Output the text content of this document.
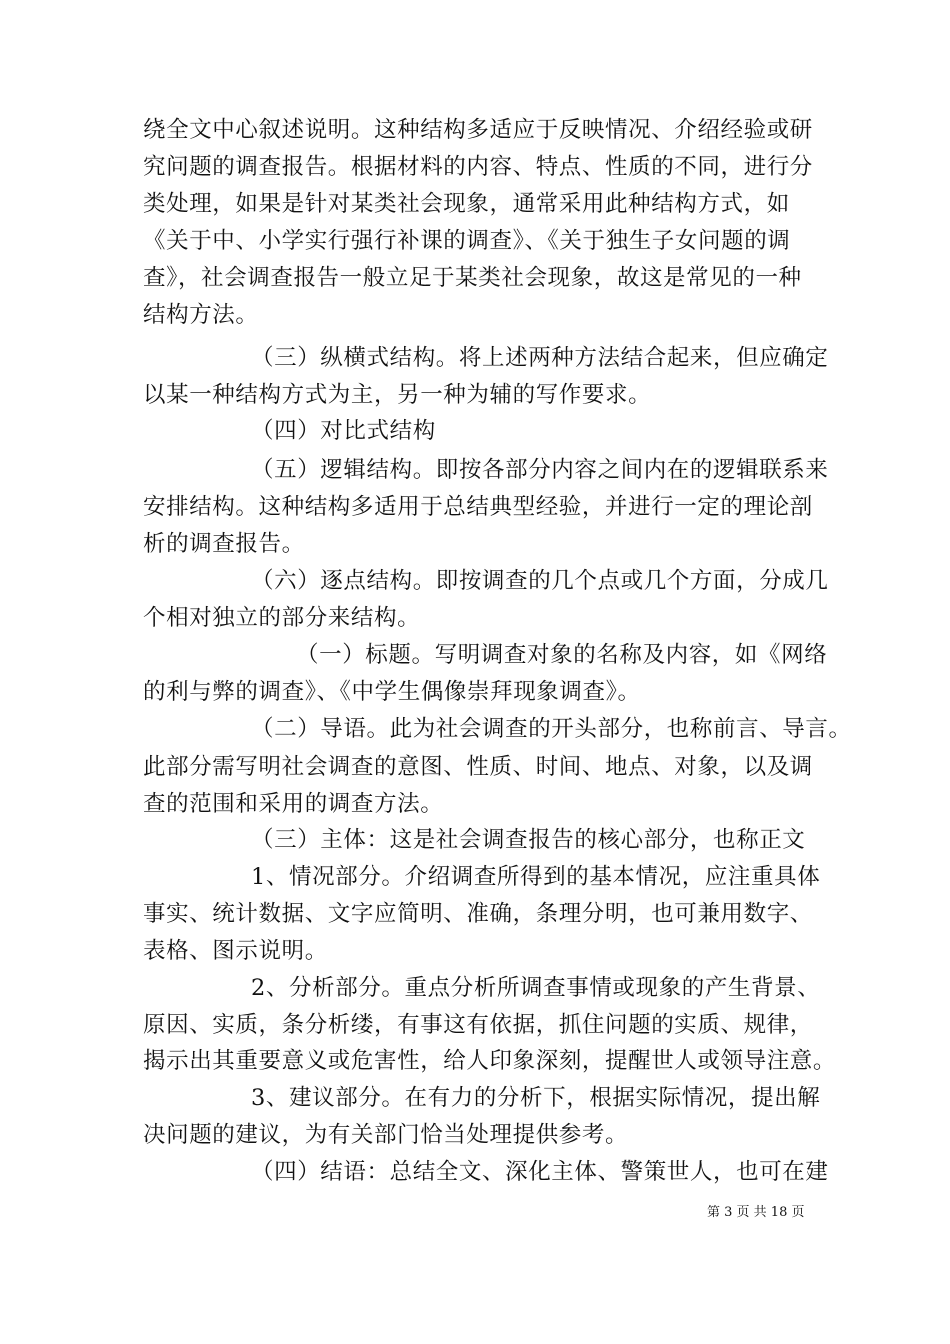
绕全文中心叙述说明。这种结构多适应于反映情况、介绍经验或研
究问题的调查报告。根据材料的内容、特点、性质的不同，进行分
类处理，如果是针对某类社会现象，通常采用此种结构方式，如
《关于中、小学实行强行补课的调查》、《关于独生子女问题的调
查》，社会调查报告一般立足于某类社会现象，故这是常见的一种
结构方法。
（三）纵横式结构。将上述两种方法结合起来，但应确定
以某一种结构方式为主，另一种为辅的写作要求。
（四）对比式结构
（五）逻辑结构。即按各部分内容之间内在的逻辑联系来
安排结构。这种结构多适用于总结典型经验，并进行一定的理论剖
析的调查报告。
（六）逐点结构。即按调查的几个点或几个方面，分成几
个相对独立的部分来结构。
（一）标题。写明调查对象的名称及内容，如《网络
的利与弊的调查》、《中学生偶像崇拜现象调查》。
（二）导语。此为社会调查的开头部分，也称前言、导言。
此部分需写明社会调查的意图、性质、时间、地点、对象，以及调
查的范围和采用的调查方法。
（三）主体：这是社会调查报告的核心部分，也称正文
1、情况部分。介绍调查所得到的基本情况，应注重具体
事实、统计数据、文字应简明、准确，条理分明，也可兼用数字、
表格、图示说明。
2、分析部分。重点分析所调查事情或现象的产生背景、
原因、实质，条分析缕，有事这有依据，抓住问题的实质、规律，
揭示出其重要意义或危害性，给人印象深刻，提醒世人或领导注意。
3、建议部分。在有力的分析下，根据实际情况，提出解
决问题的建议，为有关部门恰当处理提供参考。
（四）结语：总结全文、深化主体、警策世人，也可在建
第 3 页 共 18 页
